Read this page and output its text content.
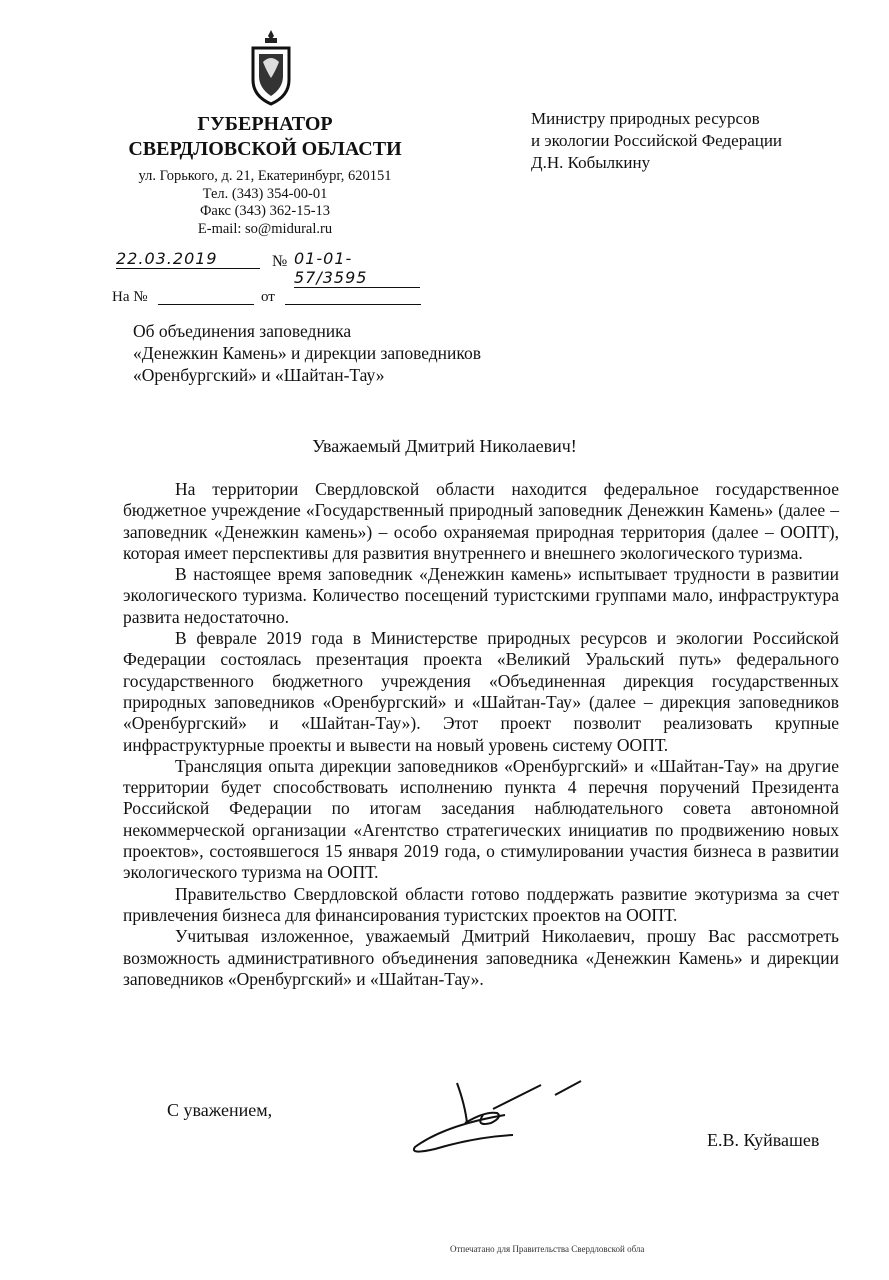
ГУБЕРНАТОР
СВЕРДЛОВСКОЙ ОБЛАСТИ
ул. Горького, д. 21, Екатеринбург, 620151
Тел. (343) 354-00-01
Факс (343) 362-15-13
E-mail: so@midural.ru
Министру природных ресурсов
и экологии Российской Федерации
Д.Н. Кобылкину
22.03.2019	№ 01-01-57/3595
На №	от
Об объединения заповедника
«Денежкин Камень» и дирекции заповедников
«Оренбургский» и «Шайтан-Тау»
Уважаемый Дмитрий Николаевич!

На территории Свердловской области находится федеральное государственное бюджетное учреждение «Государственный природный заповедник Денежкин Камень» (далее – заповедник «Денежкин камень») – особо охраняемая природная территория (далее – ООПТ), которая имеет перспективы для развития внутреннего и внешнего экологического туризма.

В настоящее время заповедник «Денежкин камень» испытывает трудности в развитии экологического туризма. Количество посещений туристскими группами мало, инфраструктура развита недостаточно.

В феврале 2019 года в Министерстве природных ресурсов и экологии Российской Федерации состоялась презентация проекта «Великий Уральский путь» федерального государственного бюджетного учреждения «Объединенная дирекция государственных природных заповедников «Оренбургский» и «Шайтан-Тау» (далее – дирекция заповедников «Оренбургский» и «Шайтан-Тау»). Этот проект позволит реализовать крупные инфраструктурные проекты и вывести на новый уровень систему ООПТ.

Трансляция опыта дирекции заповедников «Оренбургский» и «Шайтан-Тау» на другие территории будет способствовать исполнению пункта 4 перечня поручений Президента Российской Федерации по итогам заседания наблюдательного совета автономной некоммерческой организации «Агентство стратегических инициатив по продвижению новых проектов», состоявшегося 15 января 2019 года, о стимулировании участия бизнеса в развитии экологического туризма на ООПТ.

Правительство Свердловской области готово поддержать развитие экотуризма за счет привлечения бизнеса для финансирования туристских проектов на ООПТ.

Учитывая изложенное, уважаемый Дмитрий Николаевич, прошу Вас рассмотреть возможность административного объединения заповедника «Денежкин Камень» и дирекции заповедников «Оренбургский» и «Шайтан-Тау».

С уважением,
Е.В. Куйвашев
Отпечатано для Правительства Свердловской обла
